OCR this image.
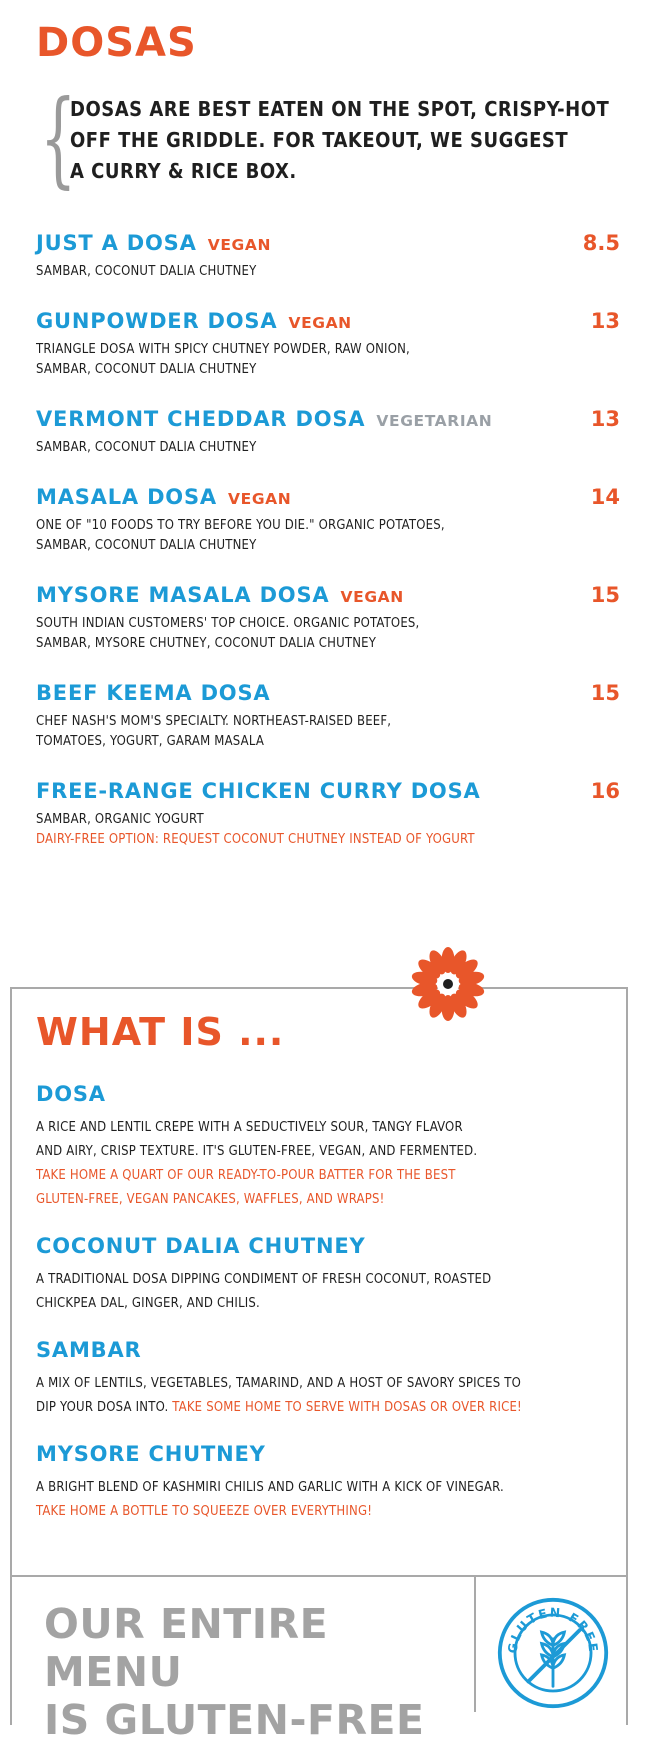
DOSAS
{

DOSAS ARE BEST EATEN ON THE SPOT, CRISPY-HOT
OFF THE GRIDDLE. FOR TAKEOUT, WE SUGGEST
A CURRY & RICE BOX.

JUST A DOSA VEGAN	8.5

SAMBAR, COCONUT DALIA CHUTNEY

GUNPOWDER DOSA VEGAN	13

TRIANGLE DOSA WITH SPICY CHUTNEY POWDER, RAW ONION,
SAMBAR, COCONUT DALIA CHUTNEY

VERMONT CHEDDAR DOSA VEGETARIAN	13

SAMBAR, COCONUT DALIA CHUTNEY

MASALA DOSA VEGAN	14

ONE OF "10 FOODS TO TRY BEFORE YOU DIE." ORGANIC POTATOES,
SAMBAR, COCONUT DALIA CHUTNEY

MYSORE MASALA DOSA VEGAN	15

SOUTH INDIAN CUSTOMERS' TOP CHOICE. ORGANIC POTATOES,
SAMBAR, MYSORE CHUTNEY, COCONUT DALIA CHUTNEY

BEEF KEEMA DOSA	15

CHEF NASH'S MOM'S SPECIALTY. NORTHEAST-RAISED BEEF,
TOMATOES, YOGURT, GARAM MASALA

FREE-RANGE CHICKEN CURRY DOSA	16

SAMBAR, ORGANIC YOGURT

DAIRY-FREE OPTION: REQUEST COCONUT CHUTNEY INSTEAD OF YOGURT

WHAT IS ...
DOSA

A RICE AND LENTIL CREPE WITH A SEDUCTIVELY SOUR, TANGY FLAVOR
AND AIRY, CRISP TEXTURE. IT'S GLUTEN-FREE, VEGAN, AND FERMENTED.
TAKE HOME A QUART OF OUR READY-TO-POUR BATTER FOR THE BEST
GLUTEN-FREE, VEGAN PANCAKES, WAFFLES, AND WRAPS!

COCONUT DALIA CHUTNEY

A TRADITIONAL DOSA DIPPING CONDIMENT OF FRESH COCONUT, ROASTED
CHICKPEA DAL, GINGER, AND CHILIS.

SAMBAR

A MIX OF LENTILS, VEGETABLES, TAMARIND, AND A HOST OF SAVORY SPICES TO
DIP YOUR DOSA INTO. TAKE SOME HOME TO SERVE WITH DOSAS OR OVER RICE!

MYSORE CHUTNEY

A BRIGHT BLEND OF KASHMIRI CHILIS AND GARLIC WITH A KICK OF VINEGAR.
TAKE HOME A BOTTLE TO SQUEEZE OVER EVERYTHING!

OUR ENTIRE MENU
IS GLUTEN-FREE

GLUTEN FREE
